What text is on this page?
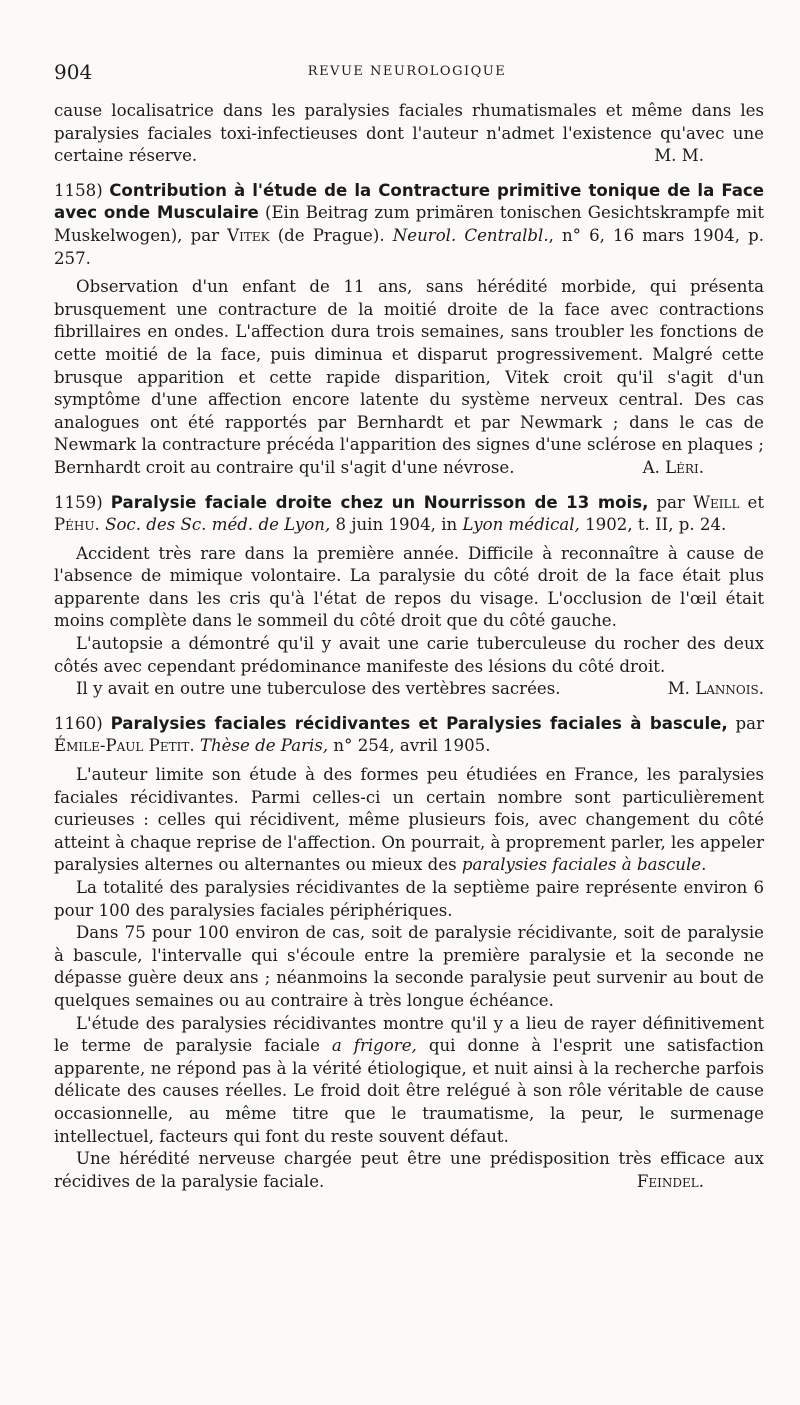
904	REVUE NEUROLOGIQUE

cause localisatrice dans les paralysies faciales rhumatismales et même dans les paralysies faciales toxi-infectieuses dont l'auteur n'admet l'existence qu'avec une certaine réserve.	M. M.

1158) Contribution à l'étude de la Contracture primitive tonique de la Face avec onde Musculaire (Ein Beitrag zum primären tonischen Gesichtskrampfe mit Muskelwogen), par Vitek (de Prague). Neurol. Centralbl., n° 6, 16 mars 1904, p. 257.

Observation d'un enfant de 11 ans, sans hérédité morbide, qui présenta brusquement une contracture de la moitié droite de la face avec contractions fibrillaires en ondes. L'affection dura trois semaines, sans troubler les fonctions de cette moitié de la face, puis diminua et disparut progressivement. Malgré cette brusque apparition et cette rapide disparition, Vitek croit qu'il s'agit d'un symptôme d'une affection encore latente du système nerveux central. Des cas analogues ont été rapportés par Bernhardt et par Newmark ; dans le cas de Newmark la contracture précéda l'apparition des signes d'une sclérose en plaques ; Bernhardt croit au contraire qu'il s'agit d'une névrose.	A. Léri.

1159) Paralysie faciale droite chez un Nourrisson de 13 mois, par Weill et Péhu. Soc. des Sc. méd. de Lyon, 8 juin 1904, in Lyon médical, 1902, t. II, p. 24.

Accident très rare dans la première année. Difficile à reconnaître à cause de l'absence de mimique volontaire. La paralysie du côté droit de la face était plus apparente dans les cris qu'à l'état de repos du visage. L'occlusion de l'œil était moins complète dans le sommeil du côté droit que du côté gauche.

L'autopsie a démontré qu'il y avait une carie tuberculeuse du rocher des deux côtés avec cependant prédominance manifeste des lésions du côté droit.

Il y avait en outre une tuberculose des vertèbres sacrées.	M. Lannois.

1160) Paralysies faciales récidivantes et Paralysies faciales à bascule, par Émile-Paul Petit. Thèse de Paris, n° 254, avril 1905.

L'auteur limite son étude à des formes peu étudiées en France, les paralysies faciales récidivantes. Parmi celles-ci un certain nombre sont particulièrement curieuses : celles qui récidivent, même plusieurs fois, avec changement du côté atteint à chaque reprise de l'affection. On pourrait, à proprement parler, les appeler paralysies alternes ou alternantes ou mieux des paralysies faciales à bascule.

La totalité des paralysies récidivantes de la septième paire représente environ 6 pour 100 des paralysies faciales périphériques.

Dans 75 pour 100 environ de cas, soit de paralysie récidivante, soit de paralysie à bascule, l'intervalle qui s'écoule entre la première paralysie et la seconde ne dépasse guère deux ans ; néanmoins la seconde paralysie peut survenir au bout de quelques semaines ou au contraire à très longue échéance.

L'étude des paralysies récidivantes montre qu'il y a lieu de rayer définitivement le terme de paralysie faciale a frigore, qui donne à l'esprit une satisfaction apparente, ne répond pas à la vérité étiologique, et nuit ainsi à la recherche parfois délicate des causes réelles. Le froid doit être relégué à son rôle véritable de cause occasionnelle, au même titre que le traumatisme, la peur, le surmenage intellectuel, facteurs qui font du reste souvent défaut.

Une hérédité nerveuse chargée peut être une prédisposition très efficace aux récidives de la paralysie faciale.	Feindel.
